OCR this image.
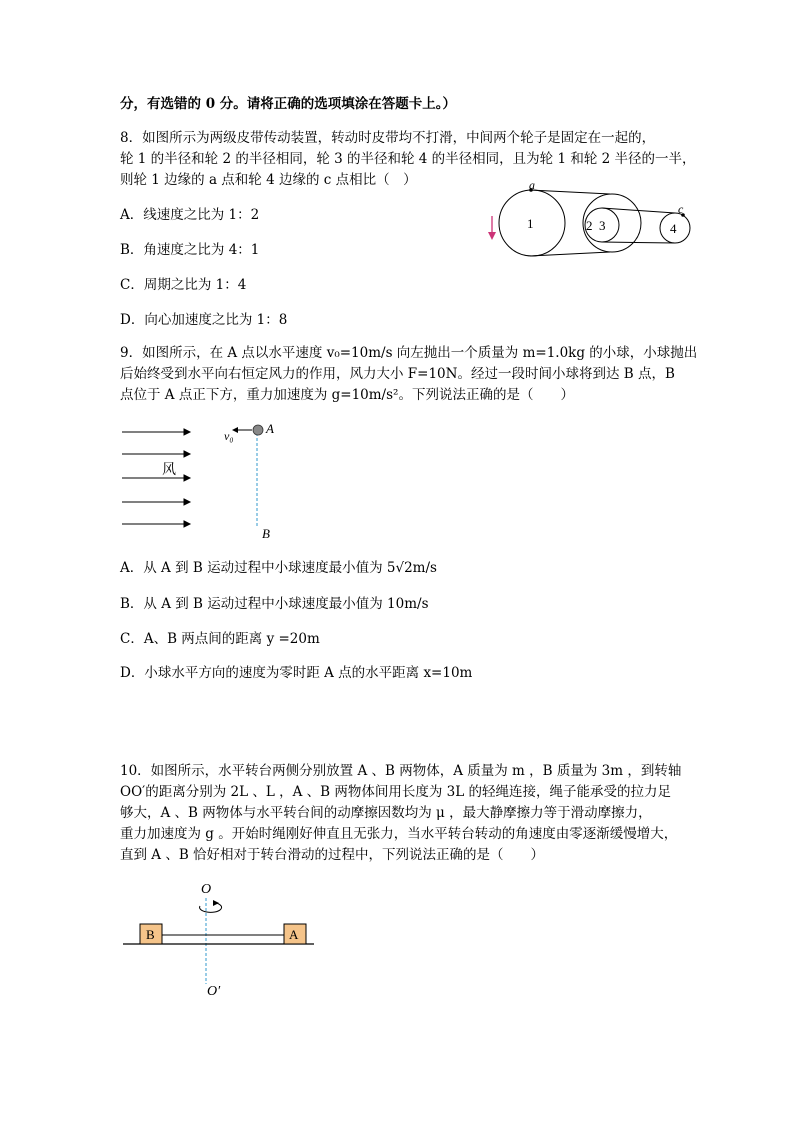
分，有选错的 0 分。请将正确的选项填涂在答题卡上。）
8．如图所示为两级皮带传动装置，转动时皮带均不打滑，中间两个轮子是固定在一起的，
轮 1 的半径和轮 2 的半径相同，轮 3 的半径和轮 4 的半径相同，且为轮 1 和轮 2 半径的一半，
则轮 1 边缘的 a 点和轮 4 边缘的 c 点相比（　）
A．线速度之比为 1：2
B．角速度之比为 4：1
C．周期之比为 1：4
D．向心加速度之比为 1：8
a
c
1	2 3	4
9．如图所示，在 A 点以水平速度 v₀=10m/s 向左抛出一个质量为 m=1.0kg 的小球，小球抛出
后始终受到水平向右恒定风力的作用，风力大小 F=10N。经过一段时间小球将到达 B 点，B
点位于 A 点正下方，重力加速度为 g=10m/s²。下列说法正确的是（　　）
风
v₀	A
B
A．从 A 到 B 运动过程中小球速度最小值为 5√2m/s
B．从 A 到 B 运动过程中小球速度最小值为 10m/s
C．A、B 两点间的距离 y =20m
D．小球水平方向的速度为零时距 A 点的水平距离 x=10m
10．如图所示，水平转台两侧分别放置 A 、B 两物体，A 质量为 m ，B 质量为 3m ，到转轴
OO′的距离分别为 2L 、L ，A 、B 两物体间用长度为 3L 的轻绳连接，绳子能承受的拉力足
够大，A 、B 两物体与水平转台间的动摩擦因数均为 μ ，最大静摩擦力等于滑动摩擦力，
重力加速度为 g 。开始时绳刚好伸直且无张力，当水平转台转动的角速度由零逐渐缓慢增大，
直到 A 、B 恰好相对于转台滑动的过程中，下列说法正确的是（　　）
O
B	A
O′
